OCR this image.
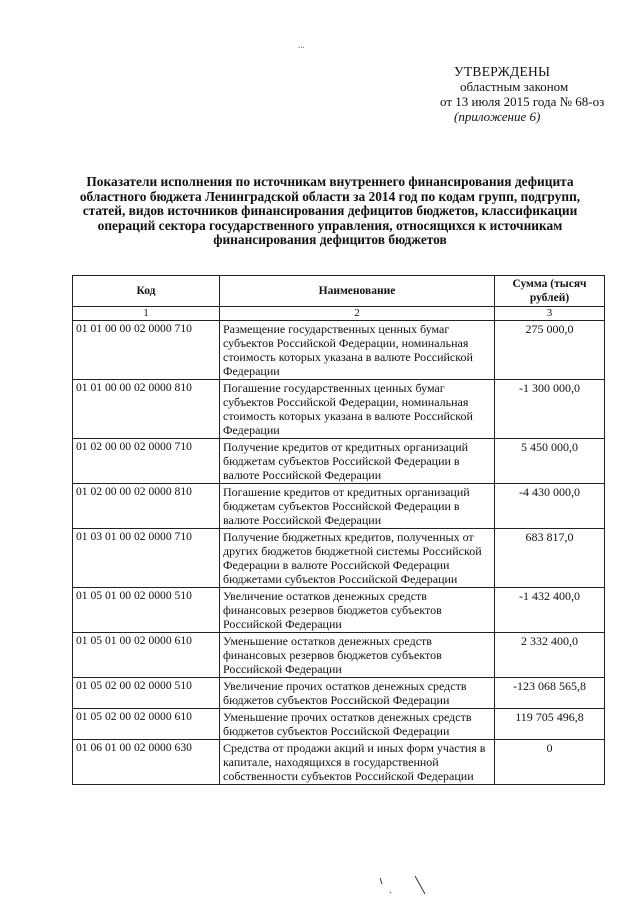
...
УТВЕРЖДЕНЫ
областным законом
от 13 июля 2015 года № 68-оз
(приложение 6)
Показатели исполнения по источникам внутреннего финансирования дефицита областного бюджета Ленинградской области за 2014 год по кодам групп, подгрупп, статей, видов источников финансирования дефицитов бюджетов, классификации операций сектора государственного управления, относящихся к источникам финансирования дефицитов бюджетов
Код	Наименование	Сумма (тысяч рублей)
1	2	3
01 01 00 00 02 0000 710	Размещение государственных ценных бумаг субъектов Российской Федерации, номинальная стоимость которых указана в валюте Российской Федерации	275 000,0
01 01 00 00 02 0000 810	Погашение государственных ценных бумаг субъектов Российской Федерации, номинальная стоимость которых указана в валюте Российской Федерации	-1 300 000,0
01 02 00 00 02 0000 710	Получение кредитов от кредитных организаций бюджетам субъектов Российской Федерации в валюте Российской Федерации	5 450 000,0
01 02 00 00 02 0000 810	Погашение кредитов от кредитных организаций бюджетам субъектов Российской Федерации в валюте Российской Федерации	-4 430 000,0
01 03 01 00 02 0000 710	Получение бюджетных кредитов, полученных от других бюджетов бюджетной системы Российской Федерации в валюте Российской Федерации бюджетами субъектов Российской Федерации	683 817,0
01 05 01 00 02 0000 510	Увеличение остатков денежных средств финансовых резервов бюджетов субъектов Российской Федерации	-1 432 400,0
01 05 01 00 02 0000 610	Уменьшение остатков денежных средств финансовых резервов бюджетов субъектов Российской Федерации	2 332 400,0
01 05 02 00 02 0000 510	Увеличение прочих остатков денежных средств бюджетов субъектов Российской Федерации	-123 068 565,8
01 05 02 00 02 0000 610	Уменьшение прочих остатков денежных средств бюджетов субъектов Российской Федерации	119 705 496,8
01 06 01 00 02 0000 630	Средства от продажи акций и иных форм участия в капитале, находящихся в государственной собственности субъектов Российской Федерации	0
